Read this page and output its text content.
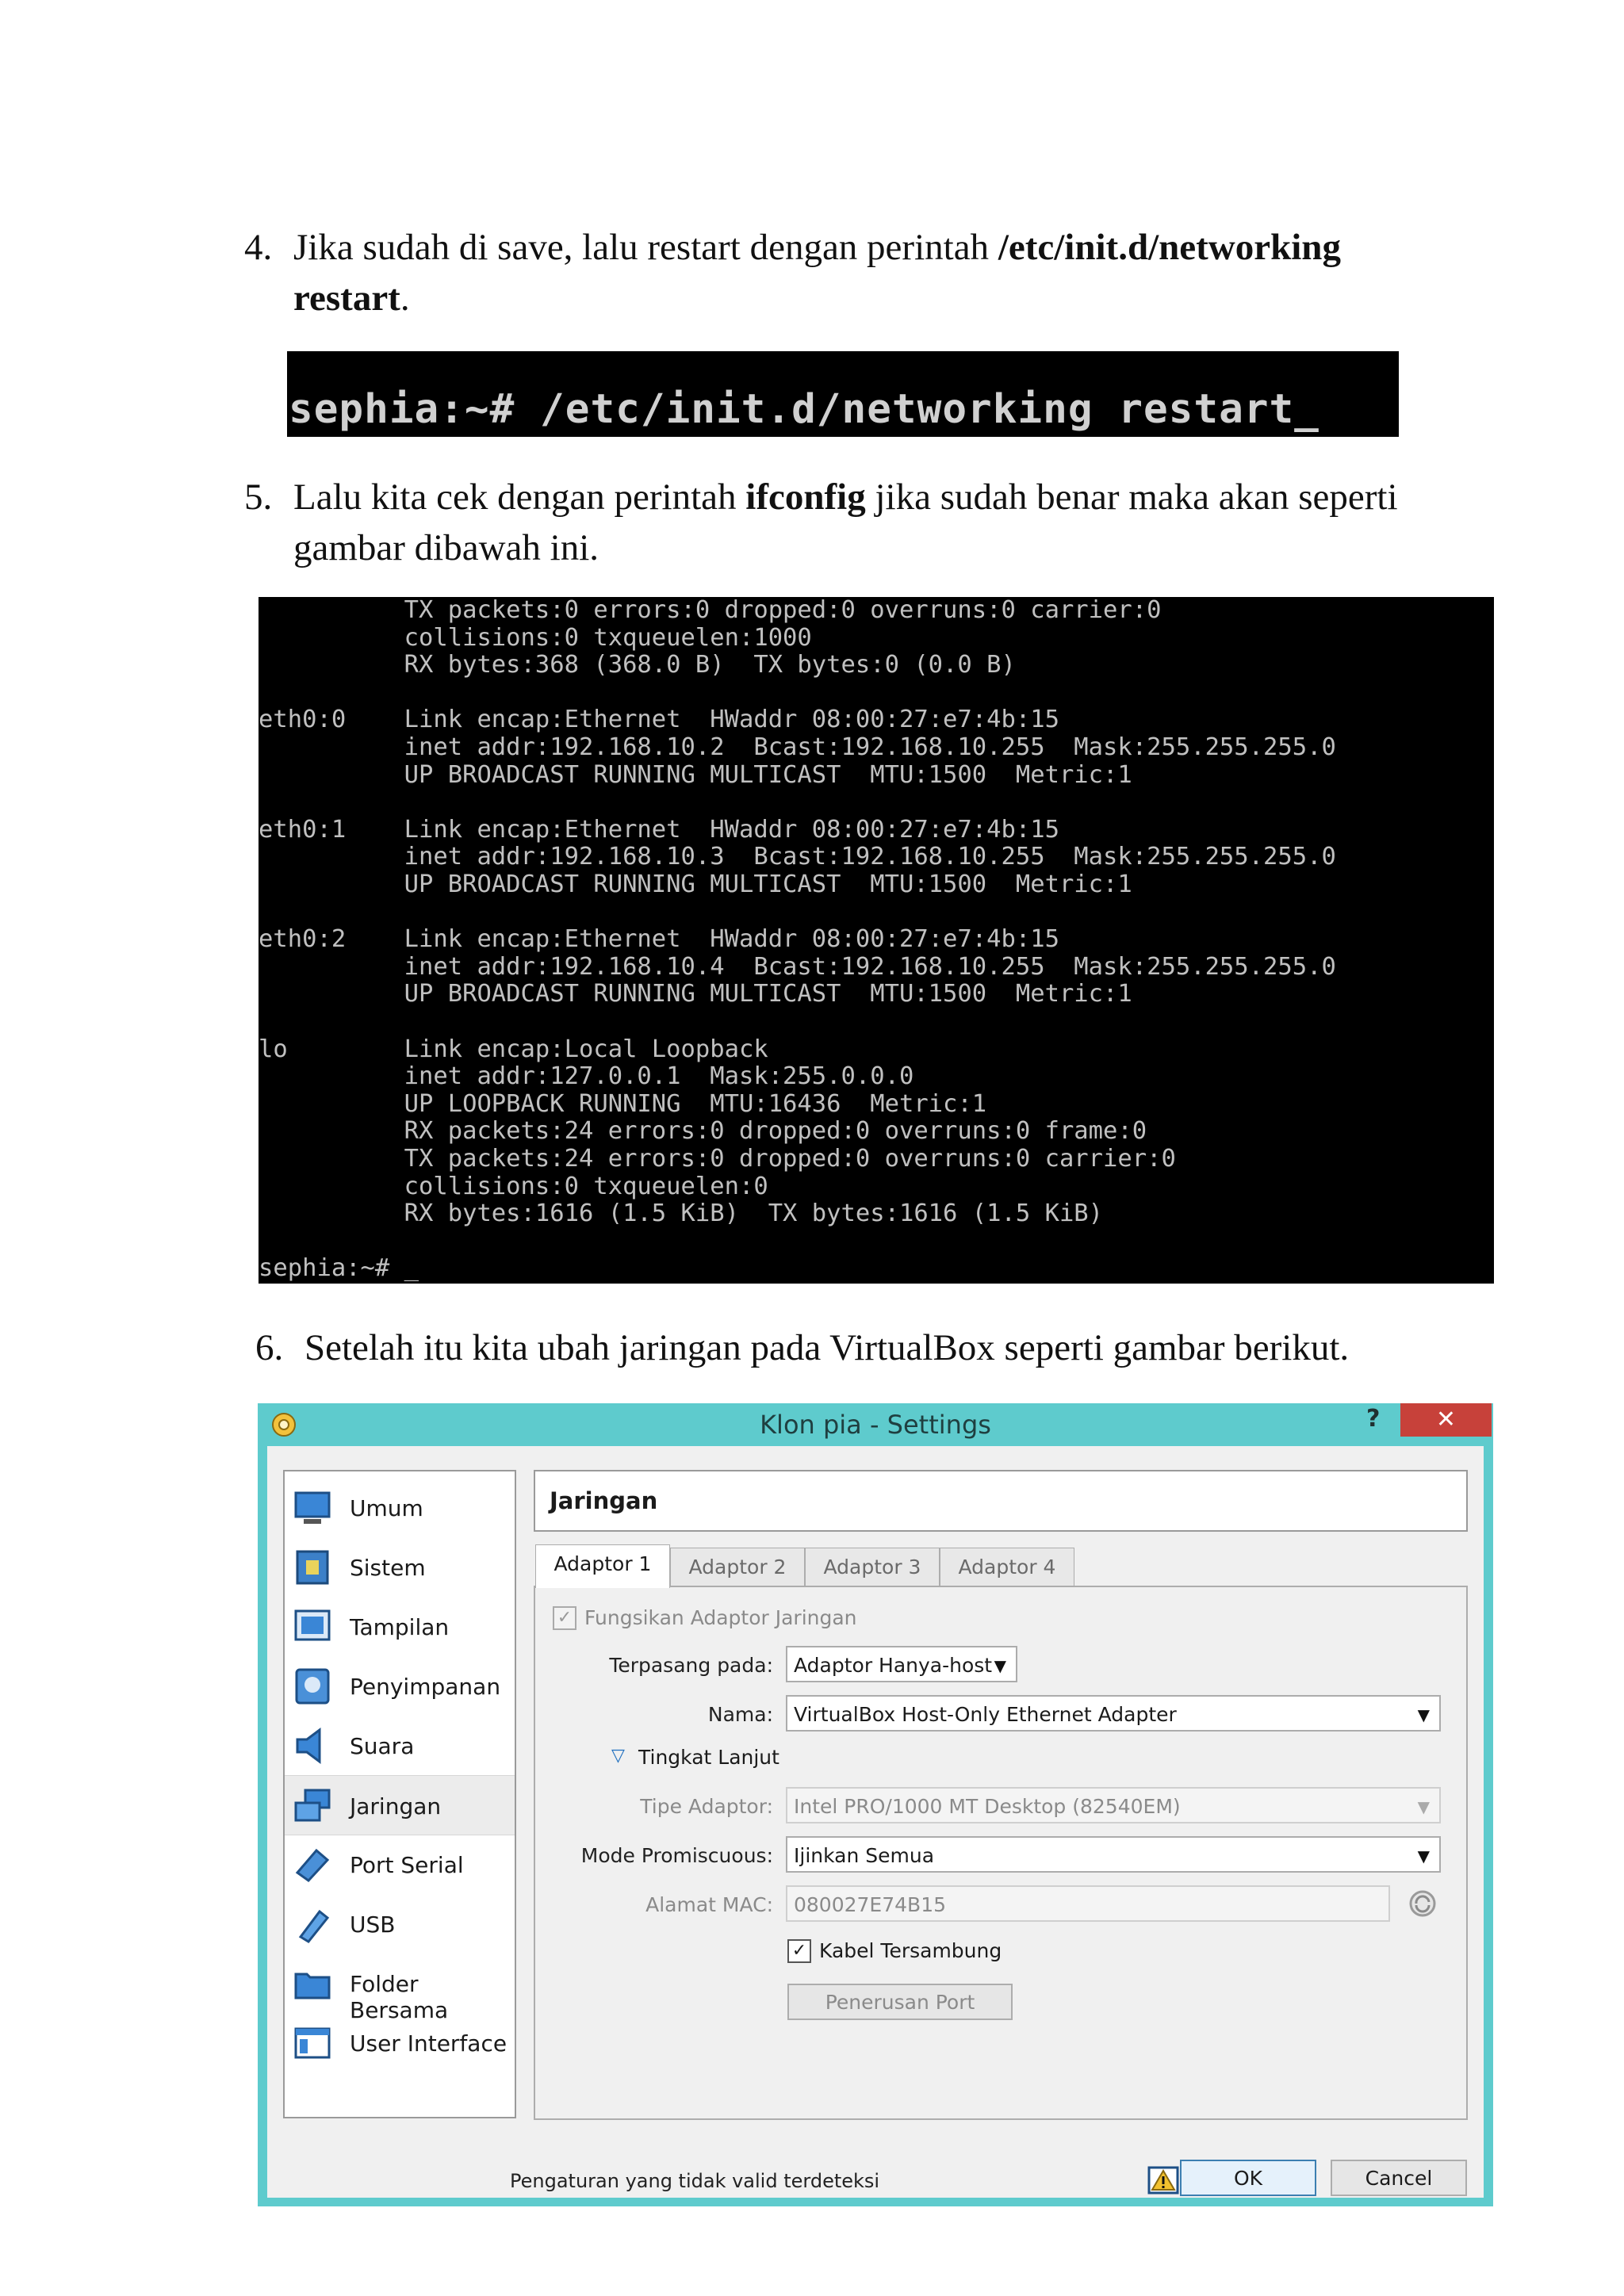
4. Jika sudah di save, lalu restart dengan perintah /etc/init.d/networking
restart.

sephia:~# /etc/init.d/networking restart_

5. Lalu kita cek dengan perintah ifconfig jika sudah benar maka akan seperti
gambar dibawah ini.
TX packets:0 errors:0 dropped:0 overruns:0 carrier:0
collisions:0 txqueuelen:1000
RX bytes:368 (368.0 B)  TX bytes:0 (0.0 B)
eth0:0    Link encap:Ethernet  HWaddr 08:00:27:e7:4b:15
inet addr:192.168.10.2  Bcast:192.168.10.255  Mask:255.255.255.0
UP BROADCAST RUNNING MULTICAST  MTU:1500  Metric:1
eth0:1    Link encap:Ethernet  HWaddr 08:00:27:e7:4b:15
inet addr:192.168.10.3  Bcast:192.168.10.255  Mask:255.255.255.0
UP BROADCAST RUNNING MULTICAST  MTU:1500  Metric:1
eth0:2    Link encap:Ethernet  HWaddr 08:00:27:e7:4b:15
inet addr:192.168.10.4  Bcast:192.168.10.255  Mask:255.255.255.0
UP BROADCAST RUNNING MULTICAST  MTU:1500  Metric:1
lo        Link encap:Local Loopback
inet addr:127.0.0.1  Mask:255.0.0.0
UP LOOPBACK RUNNING  MTU:16436  Metric:1
RX packets:24 errors:0 dropped:0 overruns:0 frame:0
TX packets:24 errors:0 dropped:0 overruns:0 carrier:0
collisions:0 txqueuelen:0
RX bytes:1616 (1.5 KiB)  TX bytes:1616 (1.5 KiB)
sephia:~# _
6. Setelah itu kita ubah jaringan pada VirtualBox seperti gambar berikut.
Klon pia - Settings	?	✕
Umum
Sistem
Tampilan
Penyimpanan
Suara
Jaringan
Port Serial
USB
Folder Bersama
User Interface
Jaringan
Adaptor 1	Adaptor 2	Adaptor 3	Adaptor 4
✓ Fungsikan Adaptor Jaringan
Terpasang pada:	Adaptor Hanya-host ▼
Nama:	VirtualBox Host-Only Ethernet Adapter	▼
▽ Tingkat Lanjut
Tipe Adaptor:	Intel PRO/1000 MT Desktop (82540EM)	▼
Mode Promiscuous:	Ijinkan Semua	▼
Alamat MAC:	080027E74B15
✓ Kabel Tersambung
Penerusan Port
Pengaturan yang tidak valid terdeteksi	OK	Cancel
